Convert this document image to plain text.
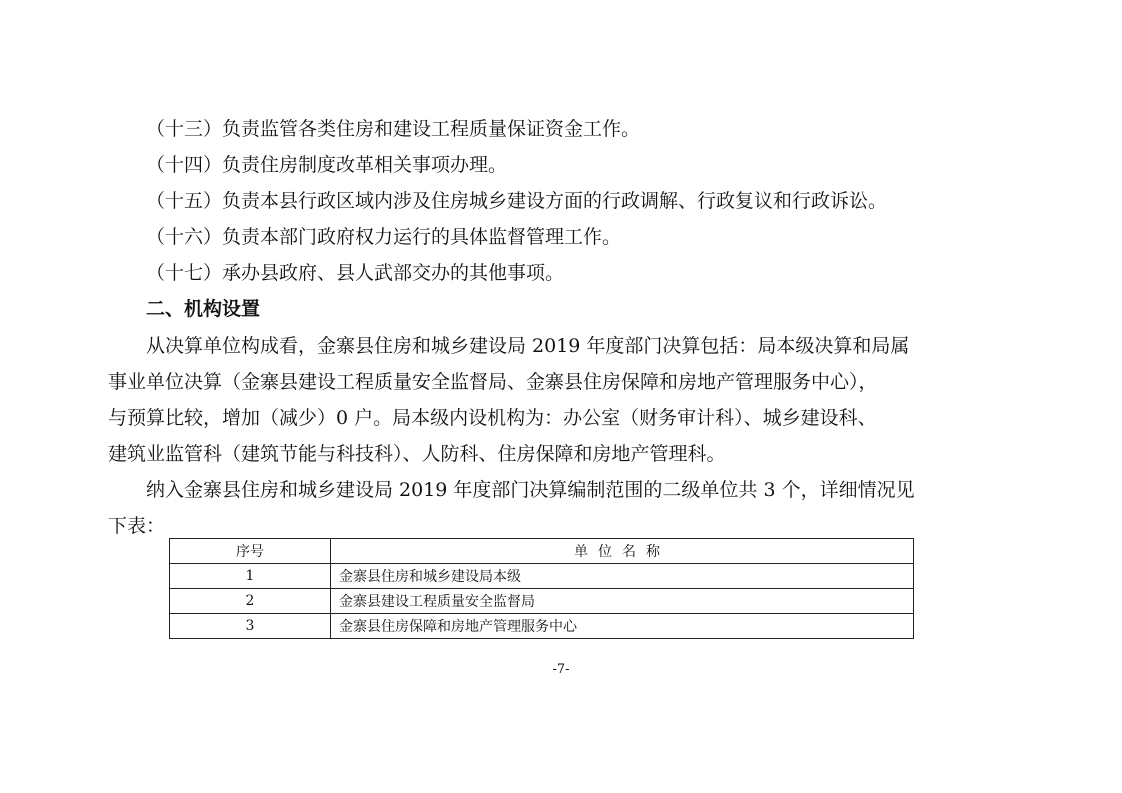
（十三）负责监管各类住房和建设工程质量保证资金工作。
（十四）负责住房制度改革相关事项办理。
（十五）负责本县行政区域内涉及住房城乡建设方面的行政调解、行政复议和行政诉讼。
（十六）负责本部门政府权力运行的具体监督管理工作。
（十七）承办县政府、县人武部交办的其他事项。
二、机构设置
从决算单位构成看，金寨县住房和城乡建设局 2019 年度部门决算包括：局本级决算和局属
事业单位决算（金寨县建设工程质量安全监督局、金寨县住房保障和房地产管理服务中心），
与预算比较，增加（减少）0 户。局本级内设机构为：办公室（财务审计科）、城乡建设科、
建筑业监管科（建筑节能与科技科）、人防科、住房保障和房地产管理科。
纳入金寨县住房和城乡建设局 2019 年度部门决算编制范围的二级单位共 3 个，详细情况见
下表：
序号	单位名称
1	金寨县住房和城乡建设局本级
2	金寨县建设工程质量安全监督局
3	金寨县住房保障和房地产管理服务中心
-7-
